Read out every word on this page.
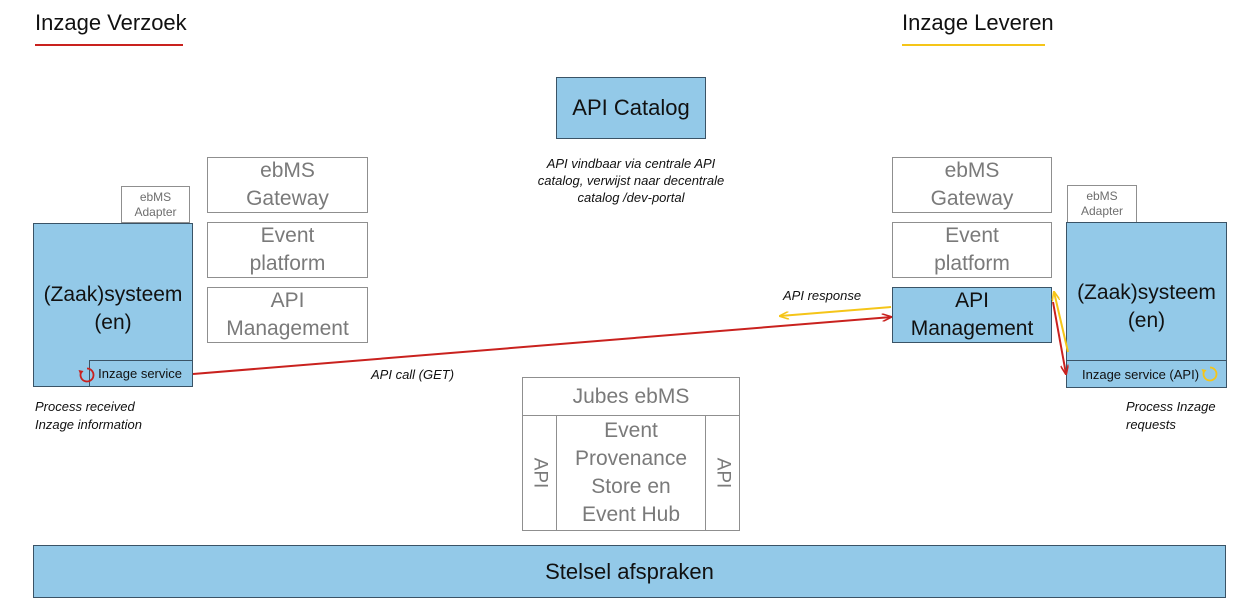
Inzage Verzoek	Inzage Leveren
API Catalog
API vindbaar via centrale API
catalog, verwijst naar decentrale
catalog /dev-portal
ebMS
Gateway
Event
platform
API
Management
ebMS
Gateway
Event
platform
API
Management
ebMS
Adapter
(Zaak)systeem
(en)
Inzage service
Process received
Inzage information
ebMS
Adapter
(Zaak)systeem
(en)
Inzage service (API)
Process Inzage
requests
API call (GET)
API response
Jubes ebMS
API
Event
Provenance
Store en
Event Hub
API
Stelsel afspraken
